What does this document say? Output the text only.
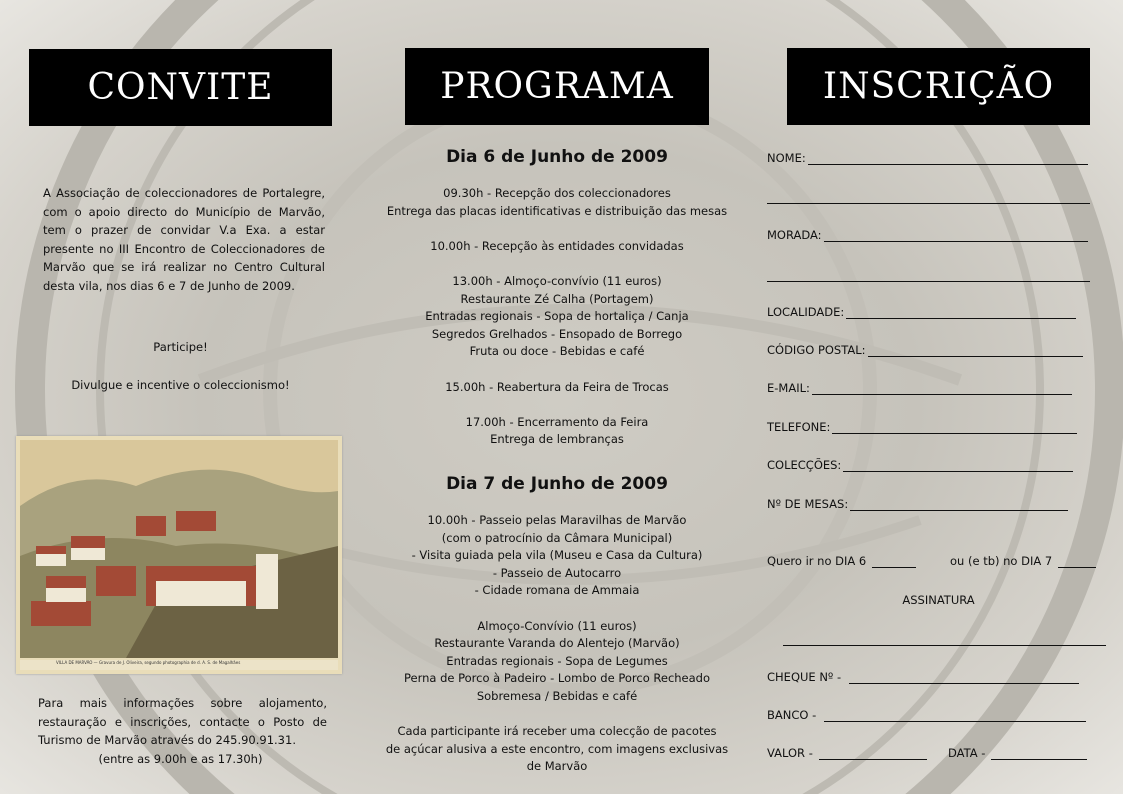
CONVITE
A Associação de coleccionadores de Portalegre, com o apoio directo do Município de Marvão, tem o prazer de convidar V.a Exa. a estar presente no III Encontro de Coleccionadores de Marvão que se irá realizar no Centro Cultural desta vila, nos dias 6 e 7 de Junho de 2009.
Participe!
Divulgue e incentive o coleccionismo!
VILLA DE MARVÃO — Gravura de J. Oliveira, segundo photographia de d. A. S. de Magalhães
Para mais informações sobre alojamento, restauração e inscrições, contacte o Posto de Turismo de Marvão através do 245.90.91.31.
(entre as 9.00h e as 17.30h)
PROGRAMA
Dia 6 de Junho de 2009
09.30h - Recepção dos coleccionadores
Entrega das placas identificativas e distribuição das mesas

10.00h - Recepção às entidades convidadas

13.00h - Almoço-convívio (11 euros)
Restaurante Zé Calha (Portagem)
Entradas regionais - Sopa de hortaliça / Canja
Segredos Grelhados - Ensopado de Borrego
Fruta ou doce - Bebidas e café

15.00h - Reabertura da Feira de Trocas

17.00h - Encerramento da Feira
Entrega de lembranças
Dia 7 de Junho de 2009
10.00h - Passeio pelas Maravilhas de Marvão
(com o patrocínio da Câmara Municipal)
- Visita guiada pela vila (Museu e Casa da Cultura)
- Passeio de Autocarro
- Cidade romana de Ammaia

Almoço-Convívio (11 euros)
Restaurante Varanda do Alentejo (Marvão)
Entradas regionais - Sopa de Legumes
Perna de Porco à Padeiro - Lombo de Porco Recheado
Sobremesa / Bebidas e café

Cada participante irá receber uma colecção de pacotes
de açúcar alusiva a este encontro, com imagens exclusivas
de Marvão
INSCRIÇÃO
NOME:
MORADA:
LOCALIDADE:
CÓDIGO POSTAL:
E-MAIL:
TELEFONE:
COLECÇÕES:
Nº DE MESAS:
Quero ir no DIA 6	ou (e tb) no DIA 7
ASSINATURA
CHEQUE Nº -
BANCO -
VALOR -	DATA -
